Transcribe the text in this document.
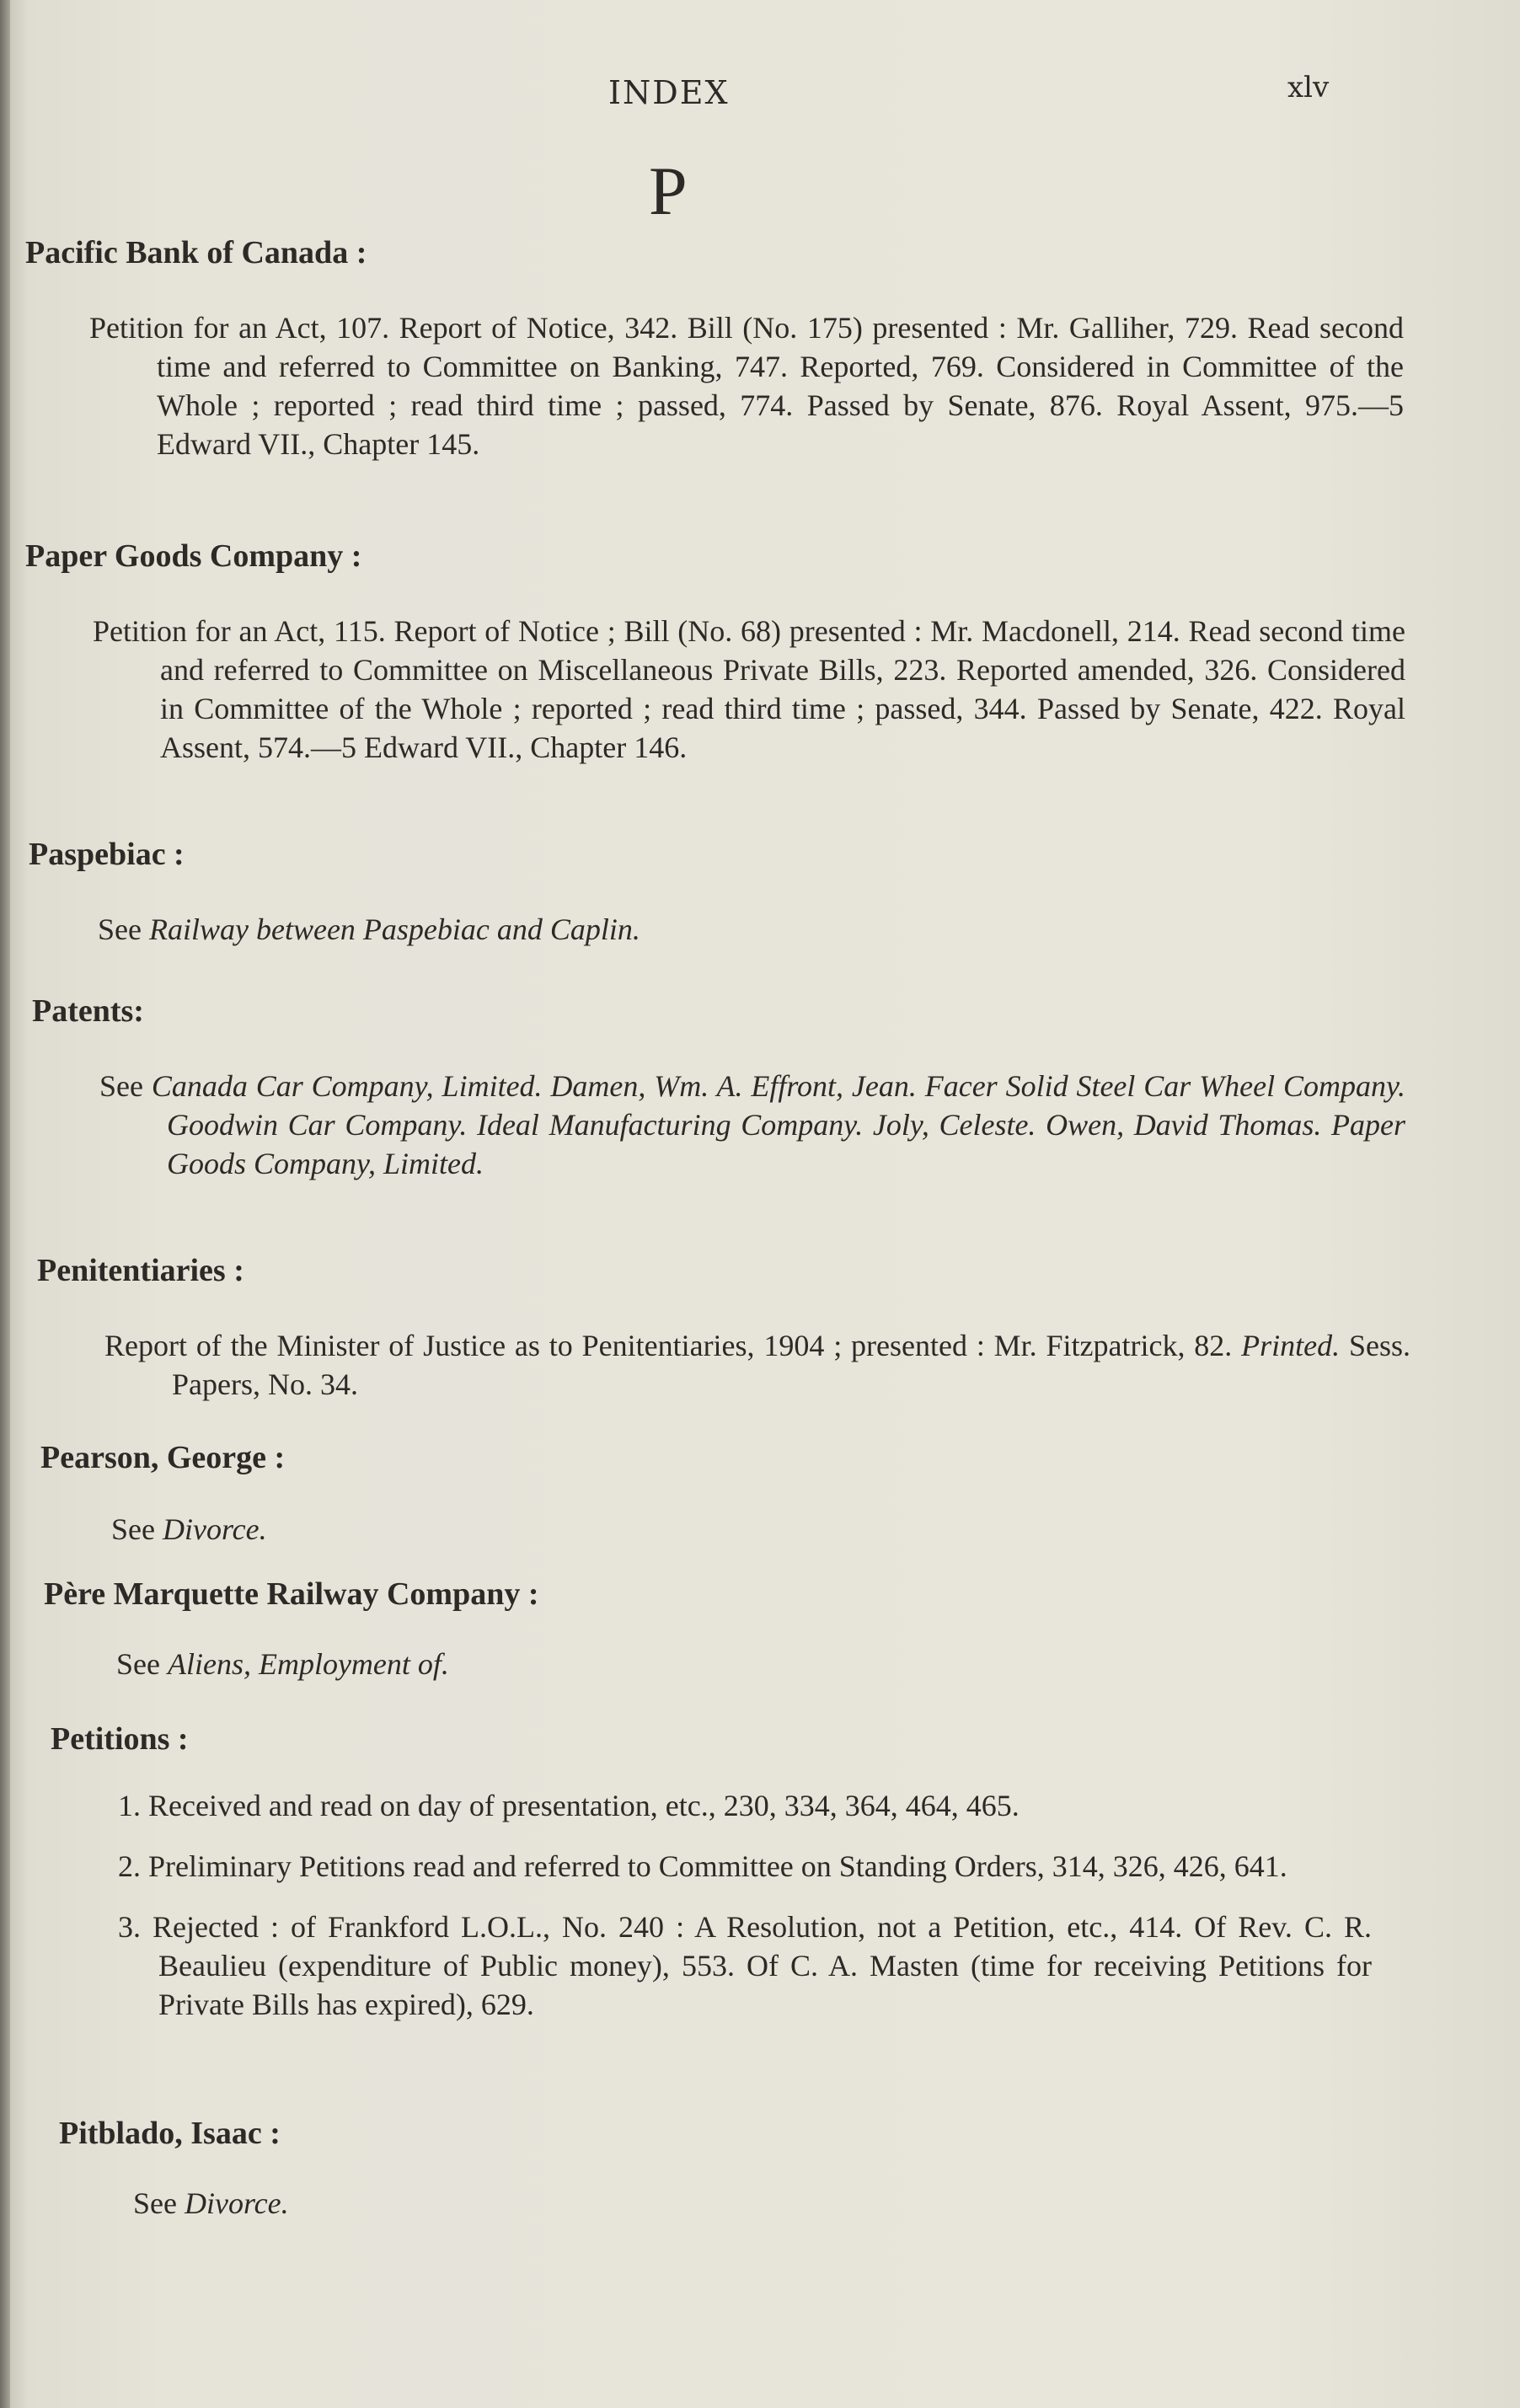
INDEX	xlv
P
Pacific Bank of Canada :

Petition for an Act, 107. Report of Notice, 342. Bill (No. 175) presented : Mr. Galliher, 729. Read second time and referred to Committee on Banking, 747. Reported, 769. Considered in Committee of the Whole ; reported ; read third time ; passed, 774. Passed by Senate, 876. Royal Assent, 975.—5 Edward VII., Chapter 145.

Paper Goods Company :

Petition for an Act, 115. Report of Notice ; Bill (No. 68) presented : Mr. Macdonell, 214. Read second time and referred to Committee on Miscellaneous Private Bills, 223. Reported amended, 326. Considered in Committee of the Whole ; reported ; read third time ; passed, 344. Passed by Senate, 422. Royal Assent, 574.—5 Edward VII., Chapter 146.

Paspebiac :

See Railway between Paspebiac and Caplin.

Patents:

See Canada Car Company, Limited. Damen, Wm. A. Effront, Jean. Facer Solid Steel Car Wheel Company. Goodwin Car Company. Ideal Manufacturing Company. Joly, Celeste. Owen, David Thomas. Paper Goods Company, Limited.

Penitentiaries :

Report of the Minister of Justice as to Penitentiaries, 1904 ; presented : Mr. Fitzpatrick, 82. Printed. Sess. Papers, No. 34.

Pearson, George :

See Divorce.

Père Marquette Railway Company :

See Aliens, Employment of.

Petitions :

1. Received and read on day of presentation, etc., 230, 334, 364, 464, 465.

2. Preliminary Petitions read and referred to Committee on Standing Orders, 314, 326, 426, 641.

3. Rejected : of Frankford L.O.L., No. 240 : A Resolution, not a Petition, etc., 414. Of Rev. C. R. Beaulieu (expenditure of Public money), 553. Of C. A. Masten (time for receiving Petitions for Private Bills has expired), 629.

Pitblado, Isaac :

See Divorce.
